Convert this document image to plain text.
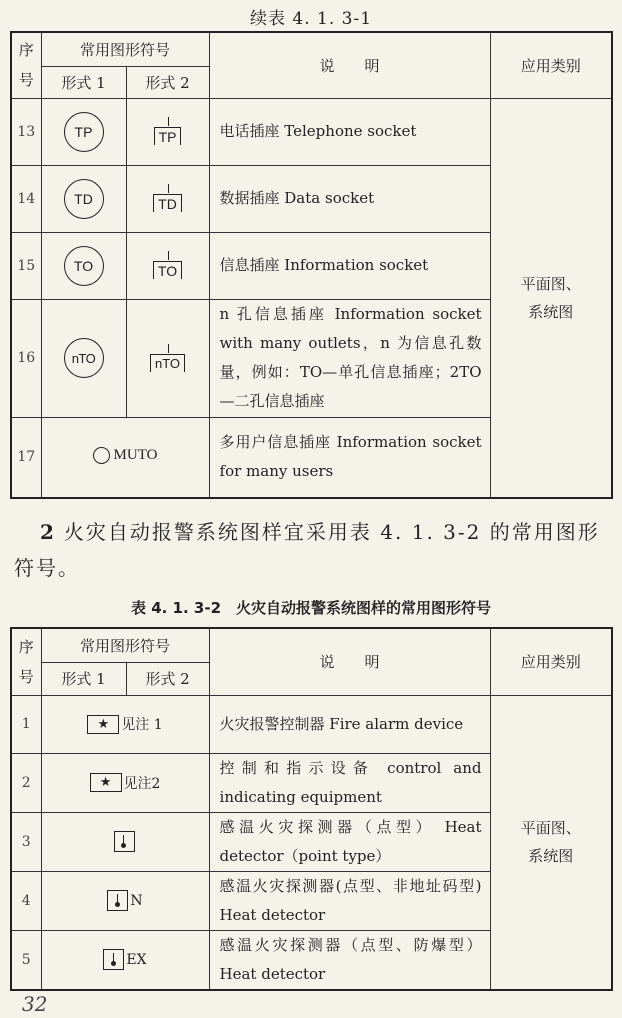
续表 4. 1. 3-1
序号	常用图形符号		说　　明	应用类别
	形式 1	形式 2		
13	TP	TP	电话插座 Telephone socket	平面图、系统图
14	TD	TD	数据插座 Data socket	
15	TO	TO	信息插座 Information socket	
16	nTO	nTO	n 孔信息插座 Information socket with many outlets，n 为信息孔数量，例如：TO—单孔信息插座；2TO—二孔信息插座	
17	MUTO		多用户信息插座 Information socket for many users	
2 火灾自动报警系统图样宜采用表 4. 1. 3-2 的常用图形符号。
表 4. 1. 3-2　火灾自动报警系统图样的常用图形符号
序号	常用图形符号		说　　明	应用类别
	形式 1	形式 2		
1	★ 见注 1		火灾报警控制器 Fire alarm device	平面图、系统图
2	★ 见注2		控制和指示设备 control and indicating equipment	
3			感温火灾探测器（点型） Heat detector（point type）	
4	N		感温火灾探测器(点型、非地址码型) Heat detector	
5	EX		感温火灾探测器（点型、防爆型） Heat detector	
32
